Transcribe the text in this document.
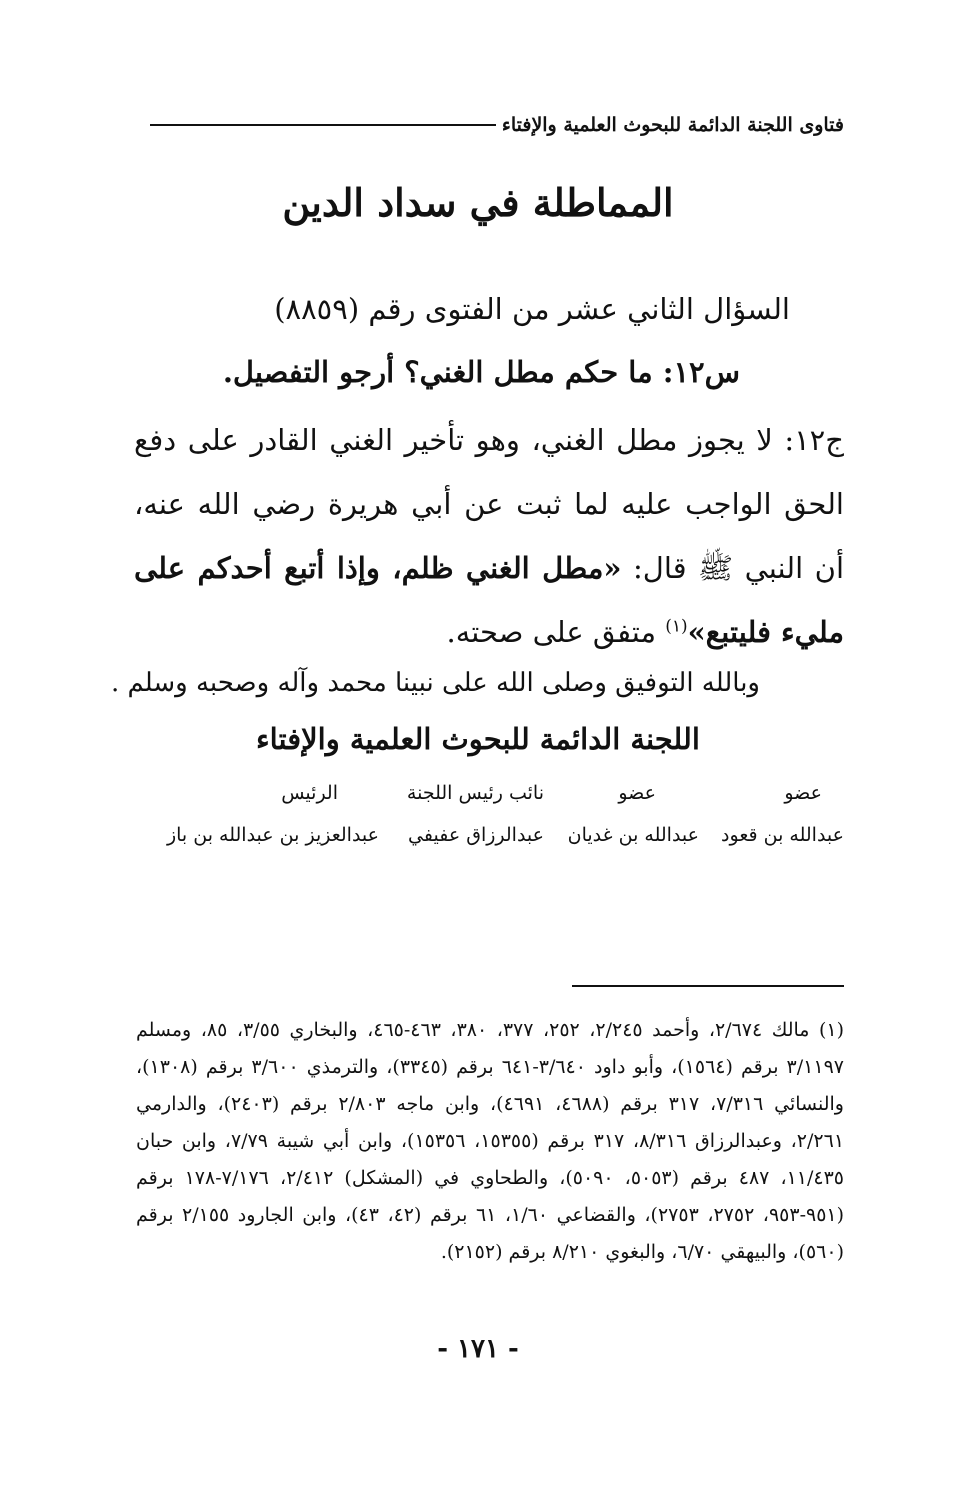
فتاوى اللجنة الدائمة للبحوث العلمية والإفتاء
المماطلة في سداد الدين
السؤال الثاني عشر من الفتوى رقم (٨٨٥٩)
س١٢: ما حكم مطل الغني؟ أرجو التفصيل.
ج١٢: لا يجوز مطل الغني، وهو تأخير الغني القادر على دفع الحق الواجب عليه لما ثبت عن أبي هريرة رضي الله عنه، أن النبي ﷺ قال: «مطل الغني ظلم، وإذا أتبع أحدكم على مليء فليتبع»$^{(١)}$ متفق على صحته.
وبالله التوفيق وصلى الله على نبينا محمد وآله وصحبه وسلم .
اللجنة الدائمة للبحوث العلمية والإفتاء
عضو
عضو
نائب رئيس اللجنة
الرئيس
عبدالله بن قعود
عبدالله بن غديان
عبدالرزاق عفيفي
عبدالعزيز بن عبدالله بن باز
(١) مالك ٢/٦٧٤، وأحمد ٢/٢٤٥، ٢٥٢، ٣٧٧، ٣٨٠، ٤٦٣-٤٦٥، والبخاري ٣/٥٥، ٨٥، ومسلم ٣/١١٩٧ برقم (١٥٦٤)، وأبو داود ٣/٦٤٠-٦٤١ برقم (٣٣٤٥)، والترمذي ٣/٦٠٠ برقم (١٣٠٨)، والنسائي ٧/٣١٦، ٣١٧ برقم (٤٦٨٨، ٤٦٩١)، وابن ماجه ٢/٨٠٣ برقم (٢٤٠٣)، والدارمي ٢/٢٦١، وعبدالرزاق ٨/٣١٦، ٣١٧ برقم (١٥٣٥٥، ١٥٣٥٦)، وابن أبي شيبة ٧/٧٩، وابن حبان ١١/٤٣٥، ٤٨٧ برقم (٥٠٥٣، ٥٠٩٠)، والطحاوي في (المشكل) ٢/٤١٢، ٧/١٧٦-١٧٨ برقم (٩٥١-٩٥٣، ٢٧٥٢، ٢٧٥٣)، والقضاعي ١/٦٠، ٦١ برقم (٤٢، ٤٣)، وابن الجارود ٢/١٥٥ برقم (٥٦٠)، والبيهقي ٦/٧٠، والبغوي ٨/٢١٠ برقم (٢١٥٢).
- ١٧١ -
